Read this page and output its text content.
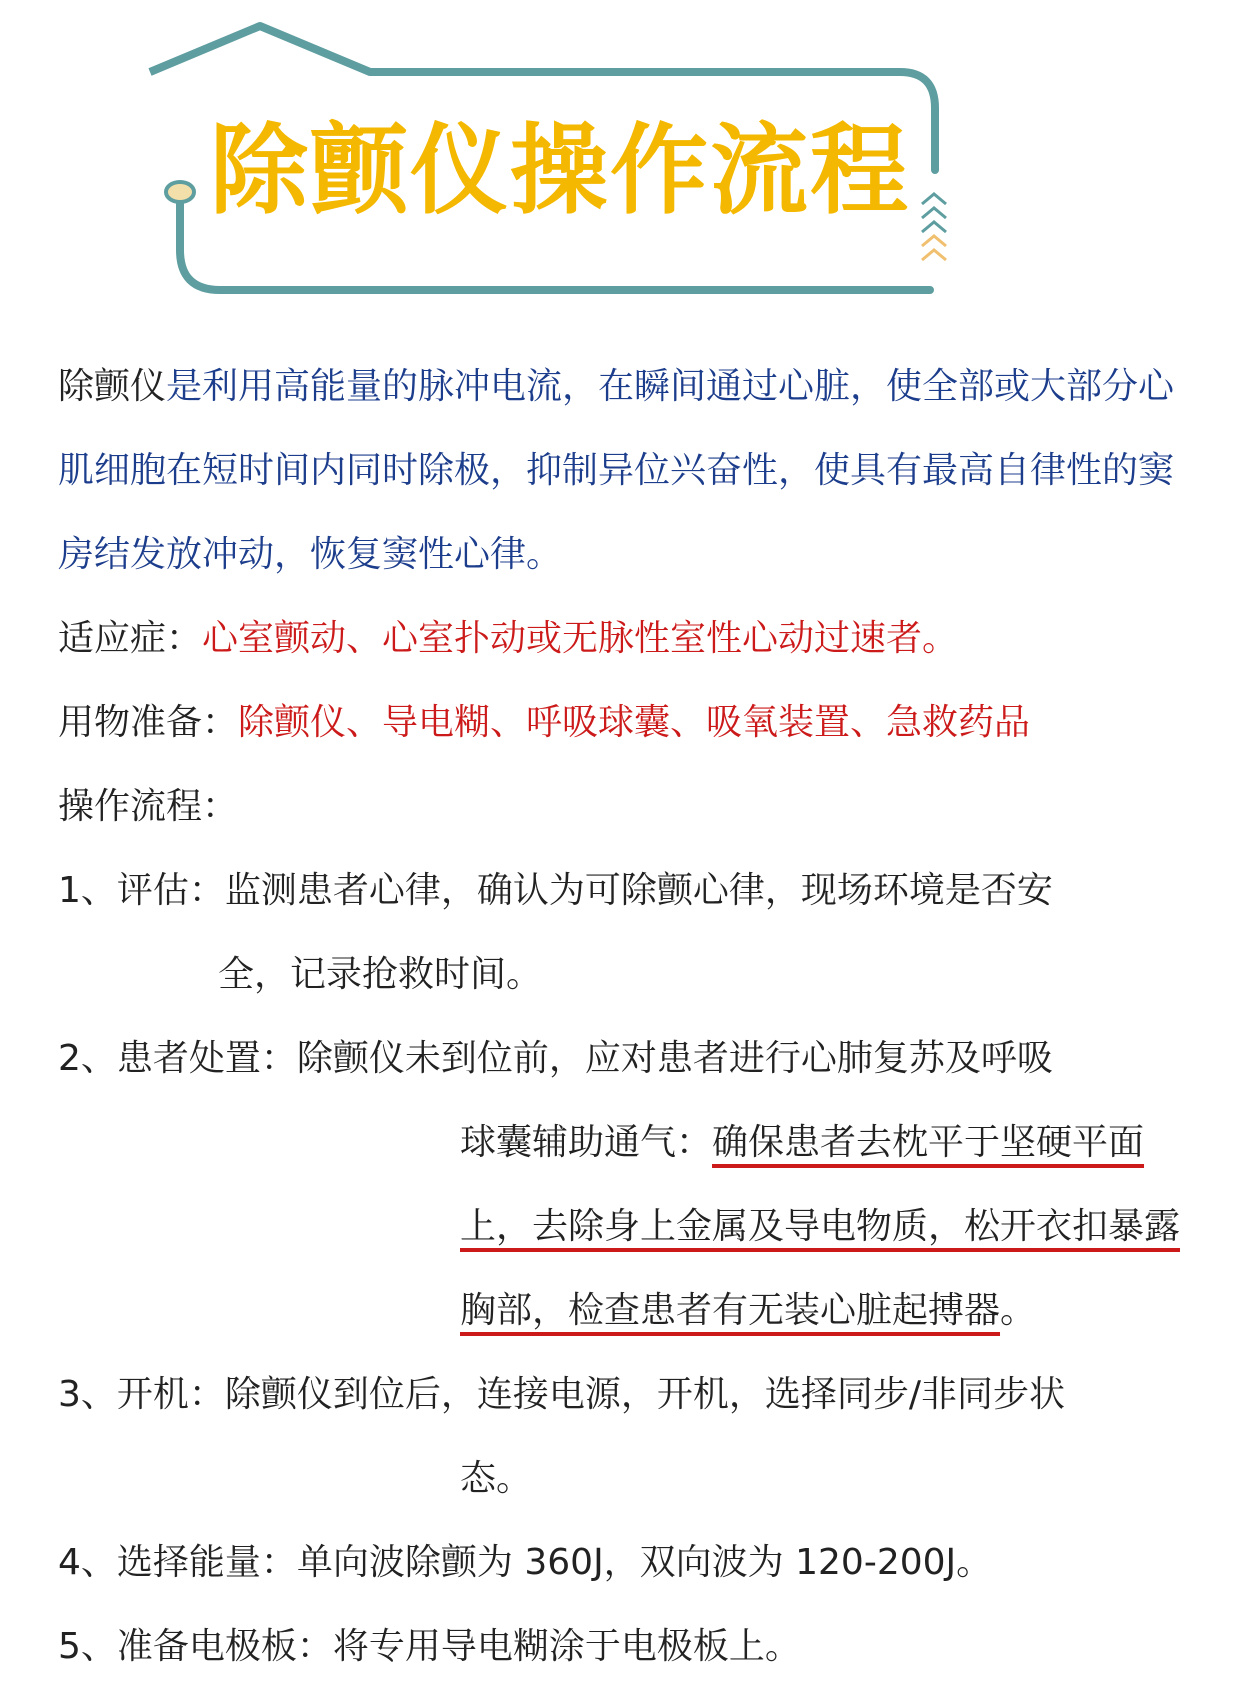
除颤仪操作流程

除颤仪是利用高能量的脉冲电流，在瞬间通过心脏，使全部或大部分心肌细胞在短时间内同时除极，抑制异位兴奋性，使具有最高自律性的窦房结发放冲动，恢复窦性心律。

适应症：心室颤动、心室扑动或无脉性室性心动过速者。

用物准备：除颤仪、导电糊、呼吸球囊、吸氧装置、急救药品

操作流程：

1、评估：监测患者心律，确认为可除颤心律，现场环境是否安
全，记录抢救时间。
2、患者处置：除颤仪未到位前，应对患者进行心肺复苏及呼吸
球囊辅助通气：确保患者去枕平于坚硬平面上，去除身上金属及导电物质，松开衣扣暴露胸部，检查患者有无装心脏起搏器。
3、开机：除颤仪到位后，连接电源，开机，选择同步/非同步状
态。
4、选择能量：单向波除颤为 360J，双向波为 120-200J。
5、准备电极板：将专用导电糊涂于电极板上。
